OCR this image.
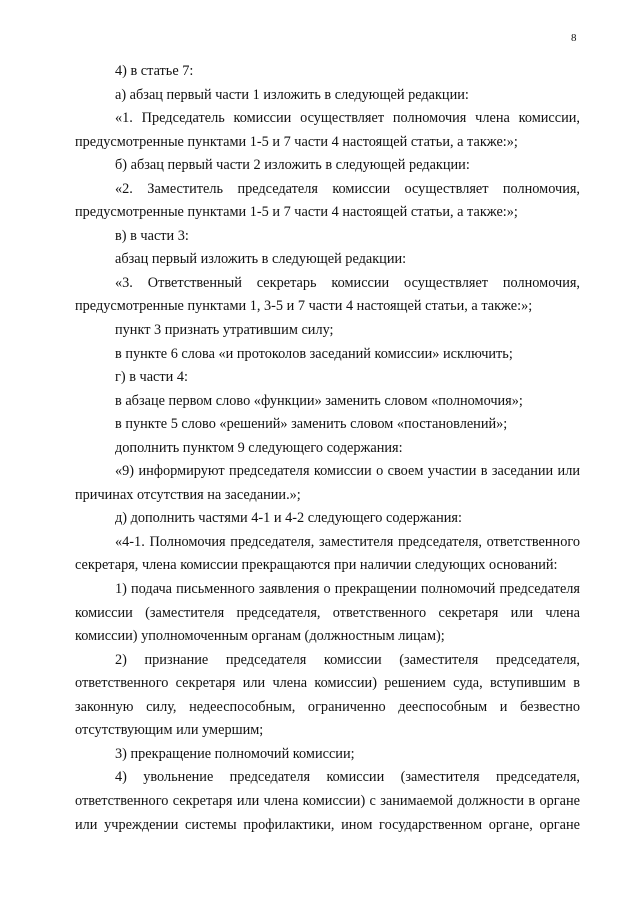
8

4) в статье 7:

а) абзац первый части 1 изложить в следующей редакции:

«1. Председатель комиссии осуществляет полномочия члена комиссии, предусмотренные пунктами 1-5 и 7 части 4 настоящей статьи, а также:»;

б) абзац первый части 2 изложить в следующей редакции:

«2. Заместитель председателя комиссии осуществляет полномочия, предусмотренные пунктами 1-5 и 7 части 4 настоящей статьи, а также:»;

в) в части 3:

абзац первый изложить в следующей редакции:

«3. Ответственный секретарь комиссии осуществляет полномочия, предусмотренные пунктами 1, 3-5 и 7 части 4 настоящей статьи, а также:»;

пункт 3 признать утратившим силу;

в пункте 6 слова «и протоколов заседаний комиссии» исключить;

г) в части 4:

в абзаце первом слово «функции» заменить словом «полномочия»;

в пункте 5 слово «решений» заменить словом «постановлений»;

дополнить пунктом 9 следующего содержания:

«9) информируют председателя комиссии о своем участии в заседании или причинах отсутствия на заседании.»;

д) дополнить частями 4-1 и 4-2 следующего содержания:

«4-1. Полномочия председателя, заместителя председателя, ответственного секретаря, члена комиссии прекращаются при наличии следующих оснований:

1) подача письменного заявления о прекращении полномочий председателя комиссии (заместителя председателя, ответственного секретаря или члена комиссии) уполномоченным органам (должностным лицам);

2) признание председателя комиссии (заместителя председателя, ответственного секретаря или члена комиссии) решением суда, вступившим в законную силу, недееспособным, ограниченно дееспособным и безвестно отсутствующим или умершим;

3) прекращение полномочий комиссии;

4) увольнение председателя комиссии (заместителя председателя, ответственного секретаря или члена комиссии) с занимаемой должности в органе или учреждении системы профилактики, ином государственном органе, органе
